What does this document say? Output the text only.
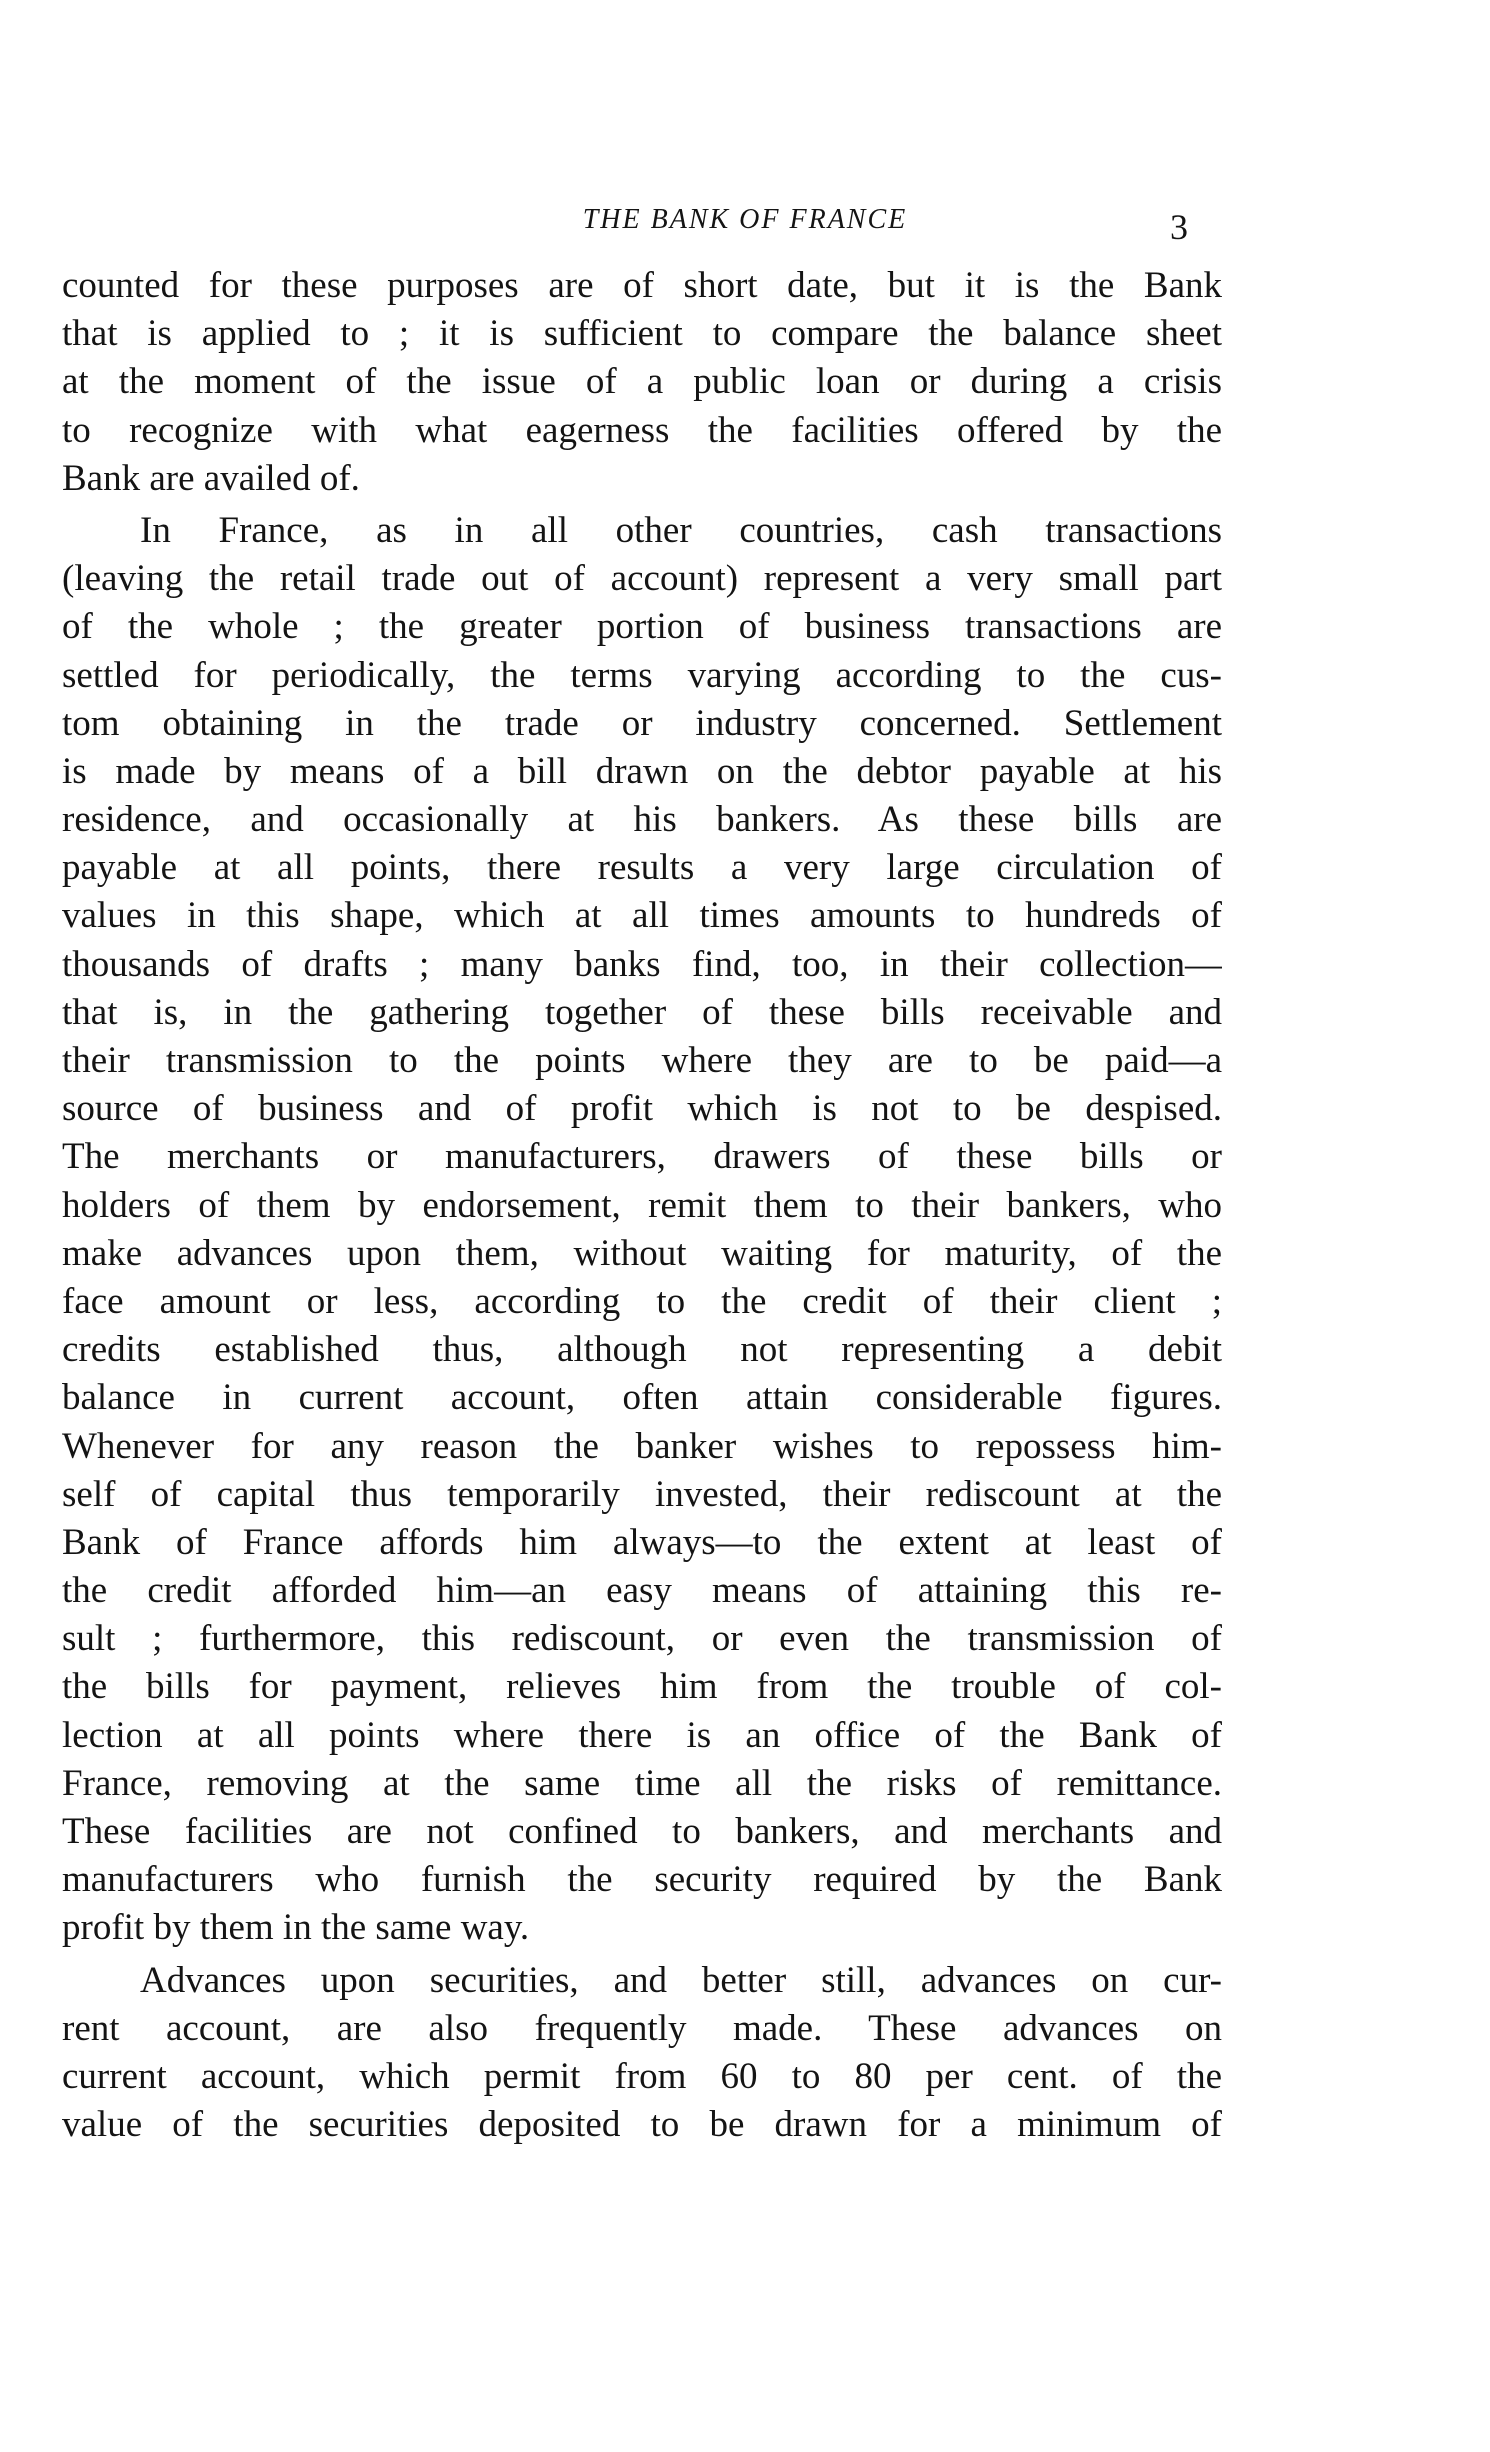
THE BANK OF FRANCE	3
counted for these purposes are of short date, but it is the Bank
that is applied to ; it is sufficient to compare the balance sheet
at the moment of the issue of a public loan or during a crisis
to recognize with what eagerness the facilities offered by the
Bank are availed of.
In France, as in all other countries, cash transactions
(leaving the retail trade out of account) represent a very small part
of the whole ; the greater portion of business transactions are
settled for periodically, the terms varying according to the cus-
tom obtaining in the trade or industry concerned. Settlement
is made by means of a bill drawn on the debtor payable at his
residence, and occasionally at his bankers. As these bills are
payable at all points, there results a very large circulation of
values in this shape, which at all times amounts to hundreds of
thousands of drafts ; many banks find, too, in their collection—
that is, in the gathering together of these bills receivable and
their transmission to the points where they are to be paid—a
source of business and of profit which is not to be despised.
The merchants or manufacturers, drawers of these bills or
holders of them by endorsement, remit them to their bankers, who
make advances upon them, without waiting for maturity, of the
face amount or less, according to the credit of their client ;
credits established thus, although not representing a debit
balance in current account, often attain considerable figures.
Whenever for any reason the banker wishes to repossess him-
self of capital thus temporarily invested, their rediscount at the
Bank of France affords him always—to the extent at least of
the credit afforded him—an easy means of attaining this re-
sult ; furthermore, this rediscount, or even the transmission of
the bills for payment, relieves him from the trouble of col-
lection at all points where there is an office of the Bank of
France, removing at the same time all the risks of remittance.
These facilities are not confined to bankers, and merchants and
manufacturers who furnish the security required by the Bank
profit by them in the same way.
Advances upon securities, and better still, advances on cur-
rent account, are also frequently made. These advances on
current account, which permit from 60 to 80 per cent. of the
value of the securities deposited to be drawn for a minimum of
